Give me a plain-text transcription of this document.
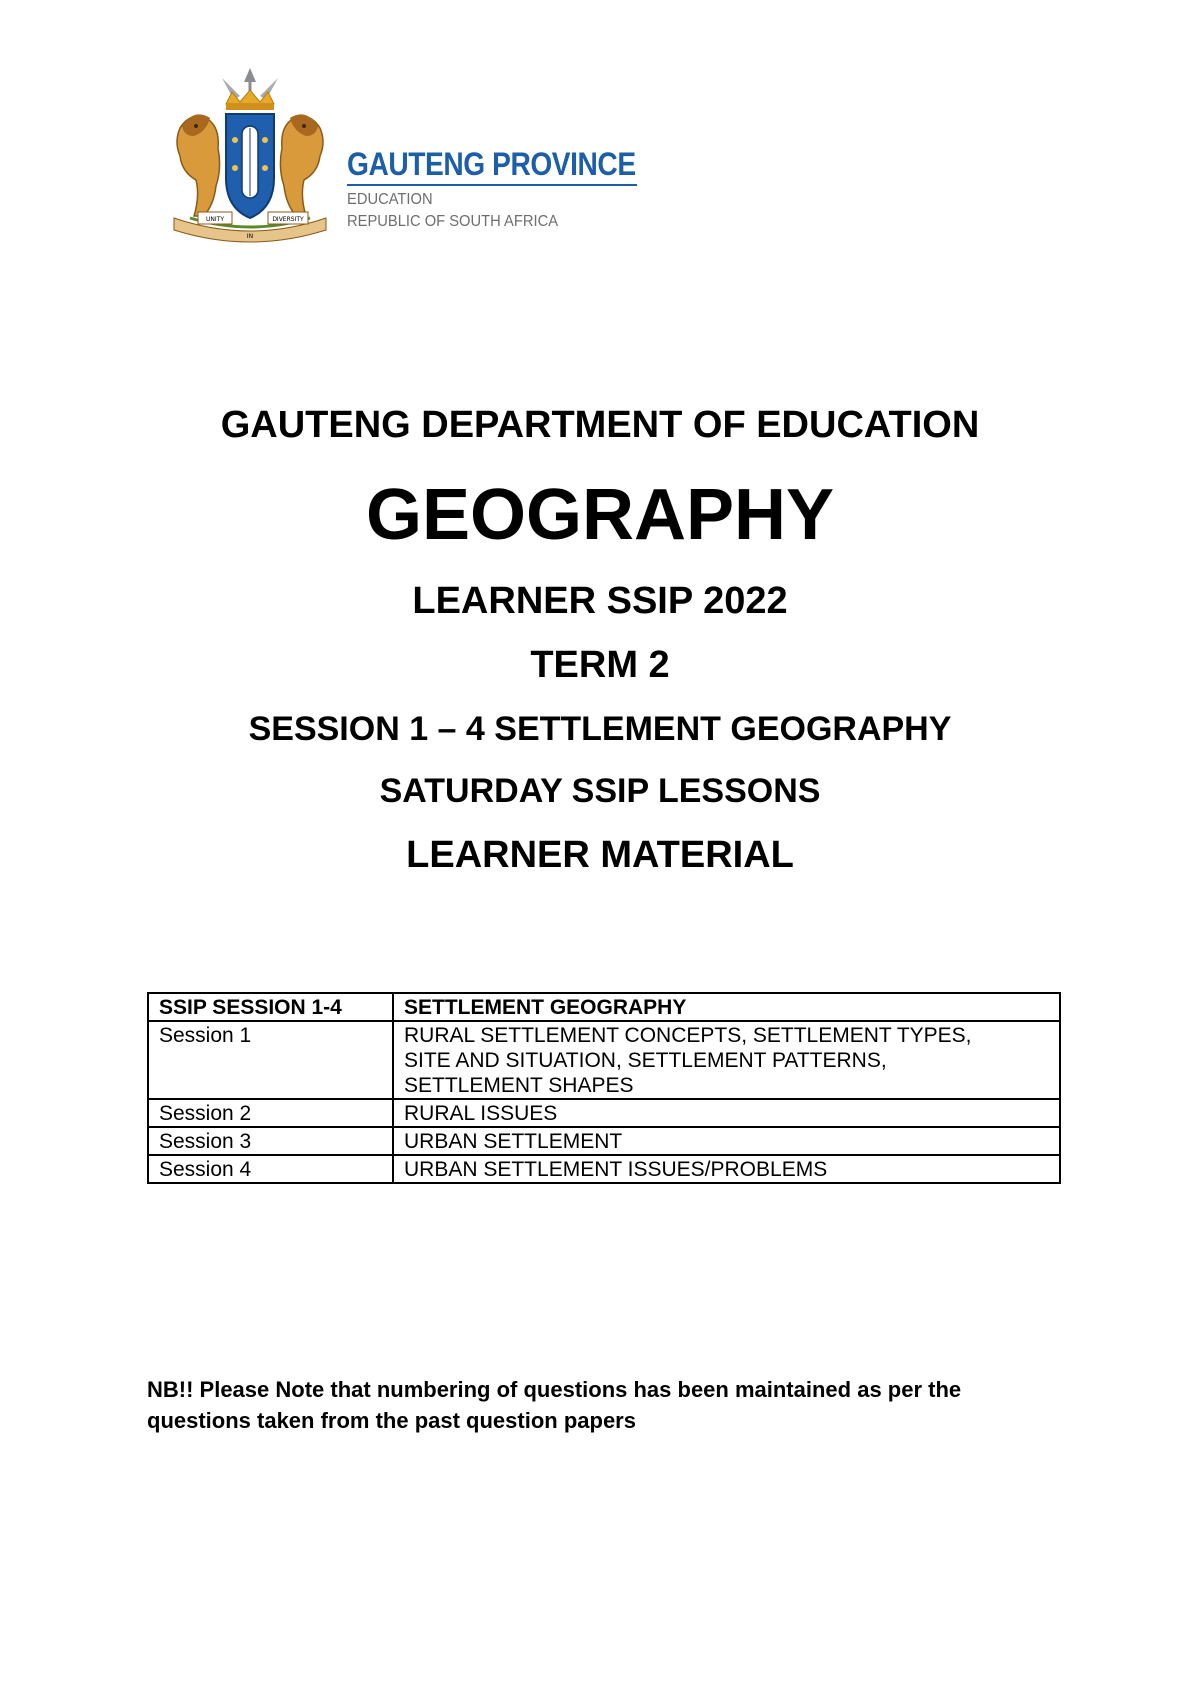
UNITY
IN
DIVERSITY
GAUTENG PROVINCE
EDUCATION
REPUBLIC OF SOUTH AFRICA
GAUTENG DEPARTMENT OF EDUCATION
GEOGRAPHY
LEARNER SSIP 2022
TERM 2
SESSION 1 – 4 SETTLEMENT GEOGRAPHY
SATURDAY SSIP LESSONS
LEARNER MATERIAL
SSIP SESSION 1-4	SETTLEMENT GEOGRAPHY
Session 1	RURAL SETTLEMENT CONCEPTS, SETTLEMENT TYPES,
SITE AND SITUATION, SETTLEMENT PATTERNS,
SETTLEMENT SHAPES

Session 2	RURAL ISSUES
Session 3	URBAN SETTLEMENT
Session 4	URBAN SETTLEMENT ISSUES/PROBLEMS
NB!! Please Note that numbering of questions has been maintained as per the
questions taken from the past question papers
